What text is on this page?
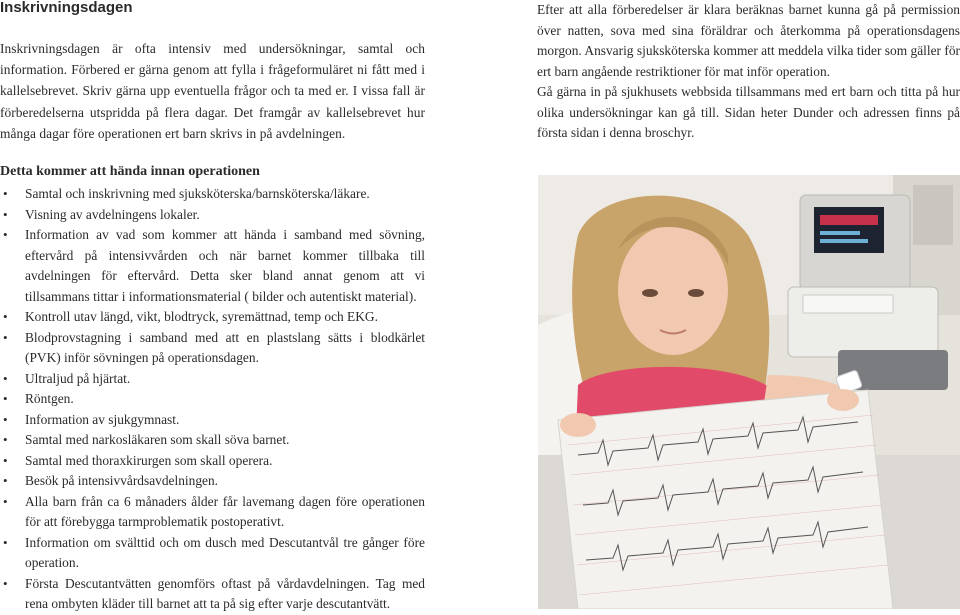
Inskrivningsdagen

Inskrivningsdagen är ofta intensiv med undersökningar, samtal och information. Förbered er gärna genom att fylla i frågeformuläret ni fått med i kallelsebrevet. Skriv gärna upp eventuella frågor och ta med er. I vissa fall är förberedelserna utspridda på flera dagar. Det framgår av kallelsebrevet hur många dagar före operationen ert barn skrivs in på avdelningen.

Efter att alla förberedelser är klara beräknas barnet kunna gå på permission över natten, sova med sina föräldrar och återkomma på operationsdagens morgon. Ansvarig sjuksköterska kommer att meddela vilka tider som gäller för ert barn angående restriktioner för mat inför operation.

Gå gärna in på sjukhusets webbsida tillsammans med ert barn och titta på hur olika undersökningar kan gå till. Sidan heter Dunder och adressen finns på första sidan i denna broschyr.

Detta kommer att hända innan operationen
• Samtal och inskrivning med sjuksköterska/barnsköterska/läkare.
• Visning av avdelningens lokaler.
• Information av vad som kommer att hända i samband med sövning, eftervård på intensivvården och när barnet kommer tillbaka till avdelningen för eftervård. Detta sker bland annat genom att vi tillsammans tittar i informationsmaterial ( bilder och autentiskt material).
• Kontroll utav längd, vikt, blodtryck, syremättnad, temp och EKG.
• Blodprovstagning i samband med att en plastslang sätts i blodkärlet (PVK) inför sövningen på operationsdagen.
• Ultraljud på hjärtat.
• Röntgen.
• Information av sjukgymnast.
• Samtal med narkosläkaren som skall söva barnet.
• Samtal med thoraxkirurgen som skall operera.
• Besök på intensivvårdsavdelningen.
• Alla barn från ca 6 månaders ålder får lavemang dagen före operationen för att förebygga tarmproblematik postoperativt.
• Information om svälttid och om dusch med Descutantvål tre gånger före operation.
• Första Descutantvätten genomförs oftast på vårdavdelningen. Tag med rena ombyten kläder till barnet att ta på sig efter varje descutantvätt.
